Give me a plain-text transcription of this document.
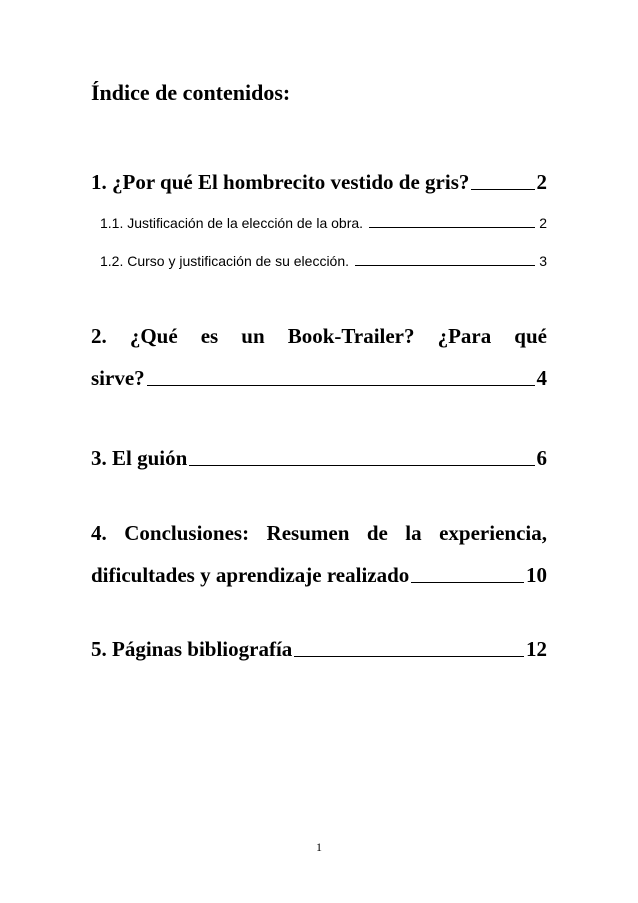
Índice de contenidos:
1. ¿Por qué El hombrecito vestido de gris?	2
1.1. Justificación de la elección de la obra.	2
1.2. Curso y justificación de su elección.	3
2. ¿Qué es un Book-Trailer? ¿Para qué
sirve?	4
3. El guión	6
4. Conclusiones: Resumen de la experiencia,
dificultades y aprendizaje realizado	10
5. Páginas bibliografía	12
1
